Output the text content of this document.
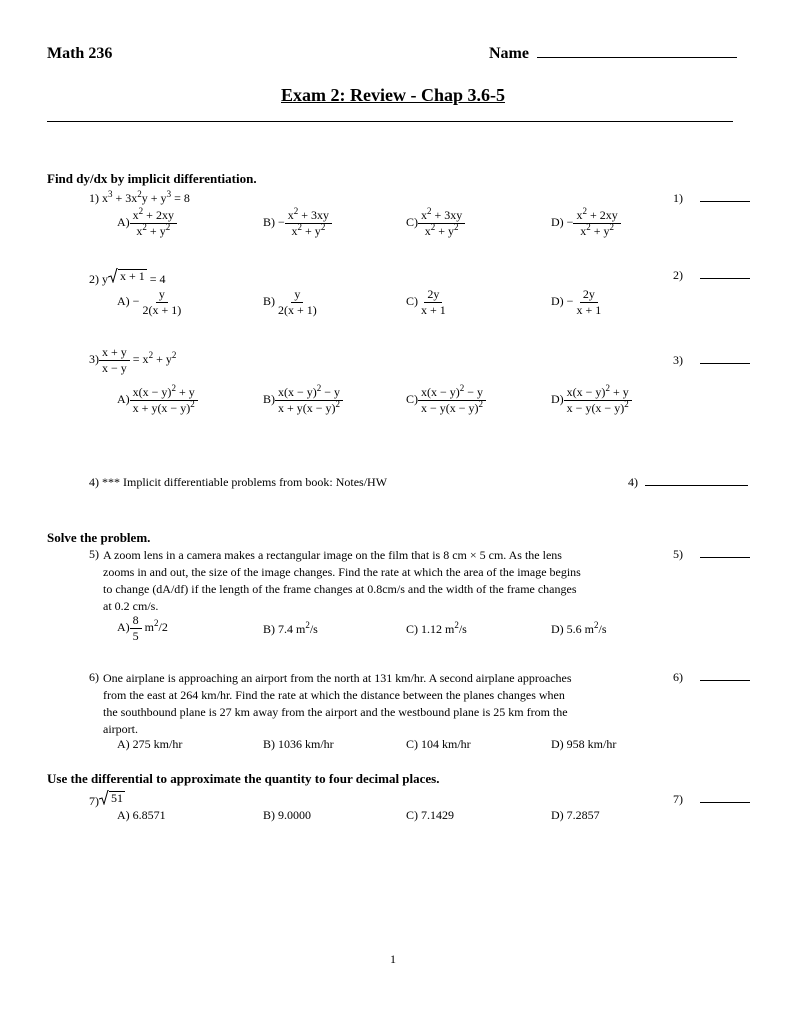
Math 236	Name
Exam 2: Review - Chap 3.6-5
Find dy/dx by implicit differentiation.
1) $x^3 + 3x^2y + y^3 = 8$	1)
$A) \frac{x^2 + 2xy}{x^2 + y^2}$	$B) - \frac{x^2 + 3xy}{x^2 + y^2}$	$C) \frac{x^2 + 3xy}{x^2 + y^2}$	$D) - \frac{x^2 + 2xy}{x^2 + y^2}$
2) y x + 1 = 4	2)
$A) - \frac{y}{2(x + 1)}$	$B) \frac{y}{2(x + 1)}$	$C) \frac{2y}{x + 1}$	$D) - \frac{2y}{x + 1}$
$3) \frac{x + y}{x - y} = x^2 + y^2$	3)
$A) \frac{x(x - y)^2 + y}{x + y(x - y)^2}$	$B) \frac{x(x - y)^2 - y}{x + y(x - y)^2}$	$C) \frac{x(x - y)^2 - y}{x - y(x - y)^2}$	$D) \frac{x(x - y)^2 + y}{x - y(x - y)^2}$
4) *** Implicit differentiable problems from book: Notes/HW	4)
Solve the problem.
5) A zoom lens in a camera makes a rectangular image on the film that is 8 cm × 5 cm. As the lens
zooms in and out, the size of the image changes. Find the rate at which the area of the image begins
to change (dA/df) if the length of the frame changes at 0.8cm/s and the width of the frame changes
at 0.2 cm/s.
5)
$A) \frac{8}{5} m^2/2$	B) 7.4 $m^2/s$	C) 1.12 $m^2/s$	D) 5.6 $m^2/s$
6) One airplane is approaching an airport from the north at 131 km/hr. A second airplane approaches
from the east at 264 km/hr. Find the rate at which the distance between the planes changes when
the southbound plane is 27 km away from the airport and the westbound plane is 25 km from the
airport.
6)
A) 275 km/hr	B) 1036 km/hr	C) 104 km/hr	D) 958 km/hr
Use the differential to approximate the quantity to four decimal places.
7) 51	7)
A) 6.8571	B) 9.0000	C) 7.1429	D) 7.2857
1
